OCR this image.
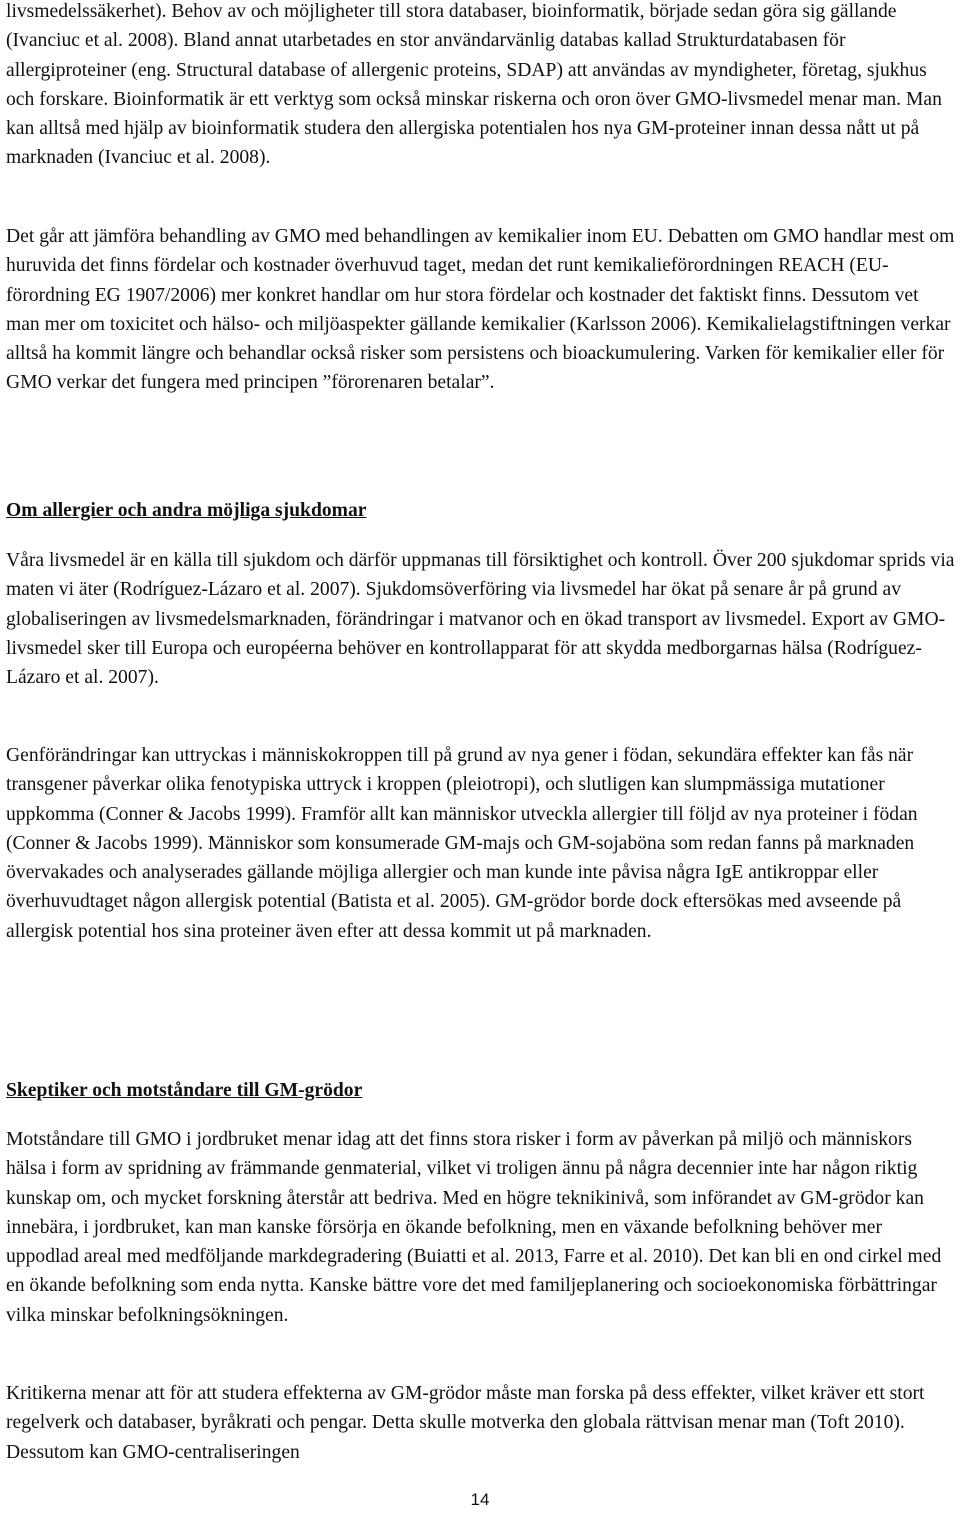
livsmedelssäkerhet). Behov av och möjligheter till stora databaser, bioinformatik, började sedan göra sig gällande (Ivanciuc et al. 2008). Bland annat utarbetades en stor användarvänlig databas kallad Strukturdatabasen för allergiproteiner (eng. Structural database of allergenic proteins, SDAP) att användas av myndigheter, företag, sjukhus och forskare. Bioinformatik är ett verktyg som också minskar riskerna och oron över GMO-livsmedel menar man. Man kan alltså med hjälp av bioinformatik studera den allergiska potentialen hos nya GM-proteiner innan dessa nått ut på marknaden (Ivanciuc et al. 2008).

Det går att jämföra behandling av GMO med behandlingen av kemikalier inom EU. Debatten om GMO handlar mest om huruvida det finns fördelar och kostnader överhuvud taget, medan det runt kemikalieförordningen REACH (EU-förordning EG 1907/2006) mer konkret handlar om hur stora fördelar och kostnader det faktiskt finns. Dessutom vet man mer om toxicitet och hälso- och miljöaspekter gällande kemikalier (Karlsson 2006). Kemikalielagstiftningen verkar alltså ha kommit längre och behandlar också risker som persistens och bioackumulering. Varken för kemikalier eller för GMO verkar det fungera med principen ”förorenaren betalar”.

Om allergier och andra möjliga sjukdomar

Våra livsmedel är en källa till sjukdom och därför uppmanas till försiktighet och kontroll. Över 200 sjukdomar sprids via maten vi äter (Rodríguez-Lázaro et al. 2007). Sjukdomsöverföring via livsmedel har ökat på senare år på grund av globaliseringen av livsmedelsmarknaden, förändringar i matvanor och en ökad transport av livsmedel. Export av GMO-livsmedel sker till Europa och européerna behöver en kontrollapparat för att skydda medborgarnas hälsa (Rodríguez-Lázaro et al. 2007).

Genförändringar kan uttryckas i människokroppen till på grund av nya gener i födan, sekundära effekter kan fås när transgener påverkar olika fenotypiska uttryck i kroppen (pleiotropi), och slutligen kan slumpmässiga mutationer uppkomma (Conner & Jacobs 1999). Framför allt kan människor utveckla allergier till följd av nya proteiner i födan (Conner & Jacobs 1999). Människor som konsumerade GM-majs och GM-sojaböna som redan fanns på marknaden övervakades och analyserades gällande möjliga allergier och man kunde inte påvisa några IgE antikroppar eller överhuvudtaget någon allergisk potential (Batista et al. 2005). GM-grödor borde dock eftersökas med avseende på allergisk potential hos sina proteiner även efter att dessa kommit ut på marknaden.

Skeptiker och motståndare till GM-grödor

Motståndare till GMO i jordbruket menar idag att det finns stora risker i form av påverkan på miljö och människors hälsa i form av spridning av främmande genmaterial, vilket vi troligen ännu på några decennier inte har någon riktig kunskap om, och mycket forskning återstår att bedriva. Med en högre teknikinivå, som införandet av GM-grödor kan innebära, i jordbruket, kan man kanske försörja en ökande befolkning, men en växande befolkning behöver mer uppodlad areal med medföljande markdegradering (Buiatti et al. 2013, Farre et al. 2010). Det kan bli en ond cirkel med en ökande befolkning som enda nytta. Kanske bättre vore det med familjeplanering och socioekonomiska förbättringar vilka minskar befolkningsökningen.

Kritikerna menar att för att studera effekterna av GM-grödor måste man forska på dess effekter, vilket kräver ett stort regelverk och databaser, byråkrati och pengar. Detta skulle motverka den globala rättvisan menar man (Toft 2010). Dessutom kan GMO-centraliseringen

14
